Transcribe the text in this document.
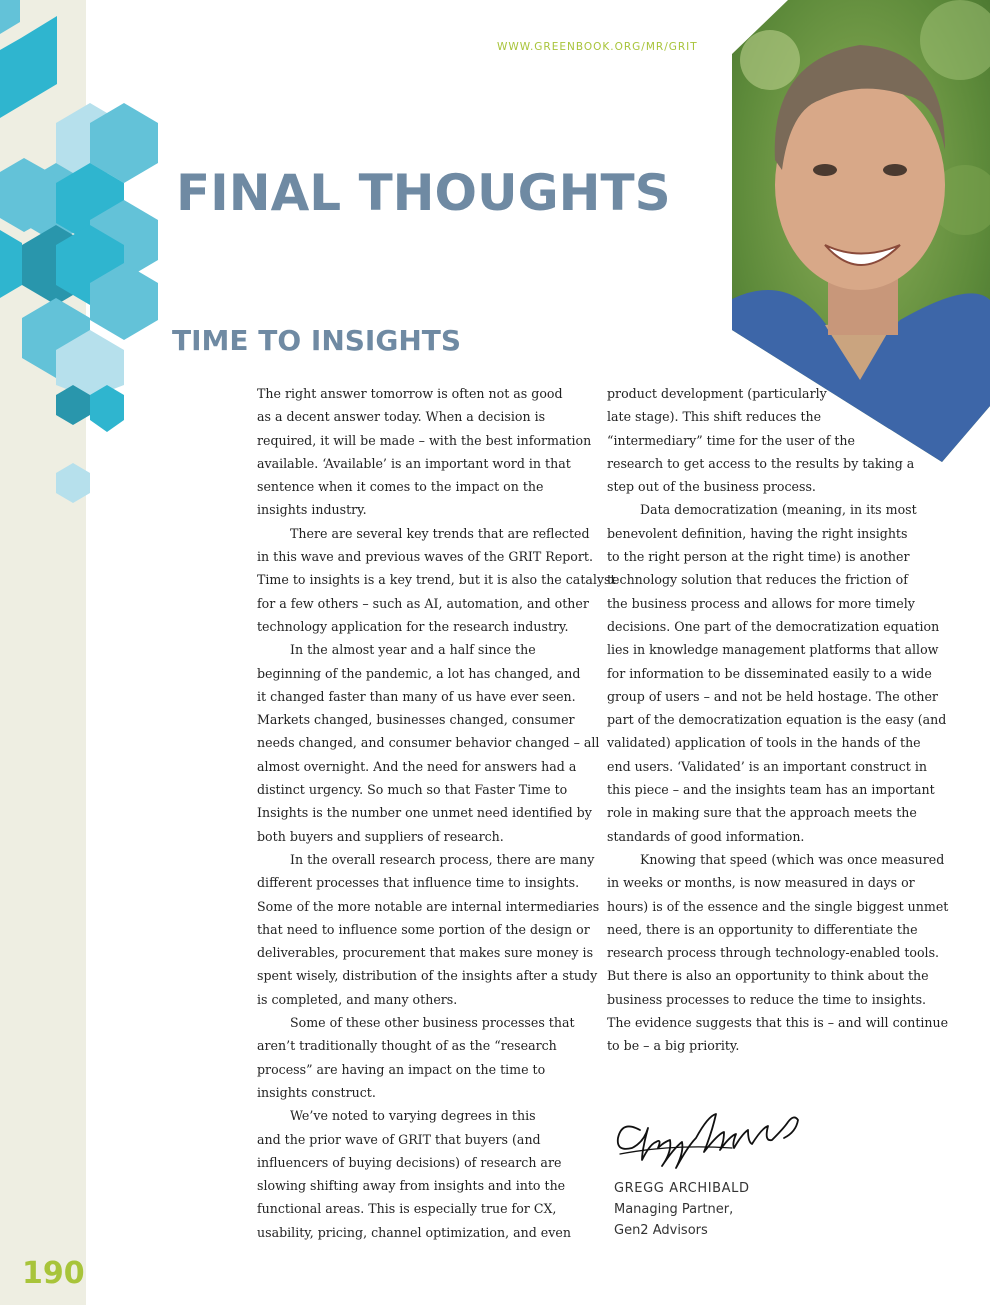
WWW.GREENBOOK.ORG/MR/GRIT
FINAL THOUGHTS
TIME TO INSIGHTS

The right answer tomorrow is often not as good
as a decent answer today. When a decision is
required, it will be made – with the best information
available. ‘Available’ is an important word in that
sentence when it comes to the impact on the
insights industry.

There are several key trends that are reflected
in this wave and previous waves of the GRIT Report.
Time to insights is a key trend, but it is also the catalyst
for a few others – such as AI, automation, and other
technology application for the research industry.

In the almost year and a half since the
beginning of the pandemic, a lot has changed, and
it changed faster than many of us have ever seen.
Markets changed, businesses changed, consumer
needs changed, and consumer behavior changed – all
almost overnight. And the need for answers had a
distinct urgency. So much so that Faster Time to
Insights is the number one unmet need identified by
both buyers and suppliers of research.

In the overall research process, there are many
different processes that influence time to insights.
Some of the more notable are internal intermediaries
that need to influence some portion of the design or
deliverables, procurement that makes sure money is
spent wisely, distribution of the insights after a study
is completed, and many others.

Some of these other business processes that
aren’t traditionally thought of as the “research
process” are having an impact on the time to
insights construct.

We’ve noted to varying degrees in this
and the prior wave of GRIT that buyers (and
influencers of buying decisions) of research are
slowing shifting away from insights and into the
functional areas. This is especially true for CX,
usability, pricing, channel optimization, and even

product development (particularly
late stage). This shift reduces the
“intermediary” time for the user of the
research to get access to the results by taking a
step out of the business process.

Data democratization (meaning, in its most
benevolent definition, having the right insights
to the right person at the right time) is another
technology solution that reduces the friction of
the business process and allows for more timely
decisions. One part of the democratization equation
lies in knowledge management platforms that allow
for information to be disseminated easily to a wide
group of users – and not be held hostage. The other
part of the democratization equation is the easy (and
validated) application of tools in the hands of the
end users. ‘Validated’ is an important construct in
this piece – and the insights team has an important
role in making sure that the approach meets the
standards of good information.

Knowing that speed (which was once measured
in weeks or months, is now measured in days or
hours) is of the essence and the single biggest unmet
need, there is an opportunity to differentiate the
research process through technology-enabled tools.
But there is also an opportunity to think about the
business processes to reduce the time to insights.
The evidence suggests that this is – and will continue
to be – a big priority.

GREGG ARCHIBALD
Managing Partner,
Gen2 Advisors
190
